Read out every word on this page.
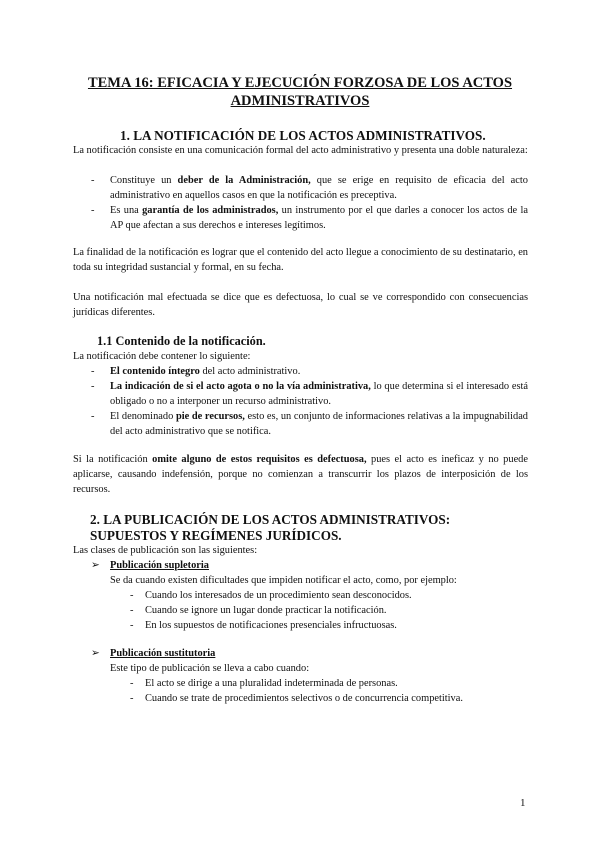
TEMA 16: EFICACIA Y EJECUCIÓN FORZOSA DE LOS ACTOS ADMINISTRATIVOS
1. LA NOTIFICACIÓN DE LOS ACTOS ADMINISTRATIVOS.
La notificación consiste en una comunicación formal del acto administrativo y presenta una doble naturaleza:
- Constituye un deber de la Administración, que se erige en requisito de eficacia del acto administrativo en aquellos casos en que la notificación es preceptiva.
- Es una garantía de los administrados, un instrumento por el que darles a conocer los actos de la AP que afectan a sus derechos e intereses legítimos.
La finalidad de la notificación es lograr que el contenido del acto llegue a conocimiento de su destinatario, en toda su integridad sustancial y formal, en su fecha.
Una notificación mal efectuada se dice que es defectuosa, lo cual se ve correspondido con consecuencias jurídicas diferentes.
1.1 Contenido de la notificación.
La notificación debe contener lo siguiente:
- El contenido íntegro del acto administrativo.
- La indicación de si el acto agota o no la vía administrativa, lo que determina si el interesado está obligado o no a interponer un recurso administrativo.
- El denominado pie de recursos, esto es, un conjunto de informaciones relativas a la impugnabilidad del acto administrativo que se notifica.
Si la notificación omite alguno de estos requisitos es defectuosa, pues el acto es ineficaz y no puede aplicarse, causando indefensión, porque no comienzan a transcurrir los plazos de interposición de los recursos.
2. LA PUBLICACIÓN DE LOS ACTOS ADMINISTRATIVOS: SUPUESTOS Y REGÍMENES JURÍDICOS.
Las clases de publicación son las siguientes:
➢ Publicación supletoria
Se da cuando existen dificultades que impiden notificar el acto, como, por ejemplo:
- Cuando los interesados de un procedimiento sean desconocidos.
- Cuando se ignore un lugar donde practicar la notificación.
- En los supuestos de notificaciones presenciales infructuosas.
➢ Publicación sustitutoria
Este tipo de publicación se lleva a cabo cuando:
- El acto se dirige a una pluralidad indeterminada de personas.
- Cuando se trate de procedimientos selectivos o de concurrencia competitiva.
1
